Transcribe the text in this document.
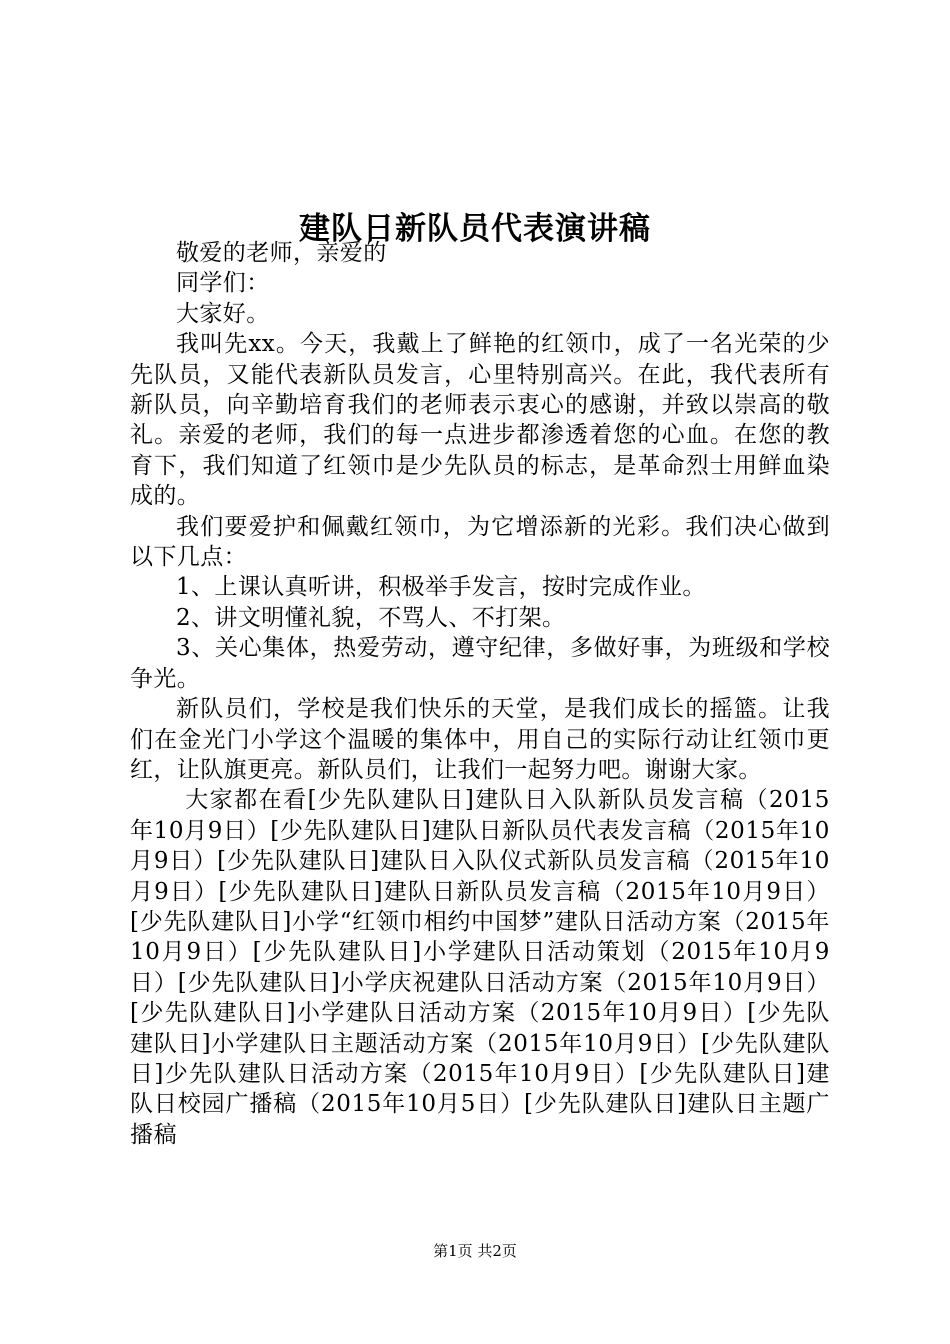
建队日新队员代表演讲稿

敬爱的老师，亲爱的

同学们：

大家好。

我叫先xx。今天，我戴上了鲜艳的红领巾，成了一名光荣的少先队员，又能代表新队员发言，心里特别高兴。在此，我代表所有新队员，向辛勤培育我们的老师表示衷心的感谢，并致以崇高的敬礼。亲爱的老师，我们的每一点进步都渗透着您的心血。在您的教育下，我们知道了红领巾是少先队员的标志，是革命烈士用鲜血染成的。

我们要爱护和佩戴红领巾，为它增添新的光彩。我们决心做到以下几点：

1、上课认真听讲，积极举手发言，按时完成作业。

2、讲文明懂礼貌，不骂人、不打架。

3、关心集体，热爱劳动，遵守纪律，多做好事，为班级和学校争光。

新队员们，学校是我们快乐的天堂，是我们成长的摇篮。让我们在金光门小学这个温暖的集体中，用自己的实际行动让红领巾更红，让队旗更亮。新队员们，让我们一起努力吧。谢谢大家。

大家都在看[少先队建队日]建队日入队新队员发言稿（2015年10月9日）[少先队建队日]建队日新队员代表发言稿（2015年10月9日）[少先队建队日]建队日入队仪式新队员发言稿（2015年10月9日）[少先队建队日]建队日新队员发言稿（2015年10月9日）[少先队建队日]小学“红领巾相约中国梦”建队日活动方案（2015年10月9日）[少先队建队日]小学建队日活动策划（2015年10月9日）[少先队建队日]小学庆祝建队日活动方案（2015年10月9日）[少先队建队日]小学建队日活动方案（2015年10月9日）[少先队建队日]小学建队日主题活动方案（2015年10月9日）[少先队建队日]少先队建队日活动方案（2015年10月9日）[少先队建队日]建队日校园广播稿（2015年10月5日）[少先队建队日]建队日主题广播稿

第1页 共2页
